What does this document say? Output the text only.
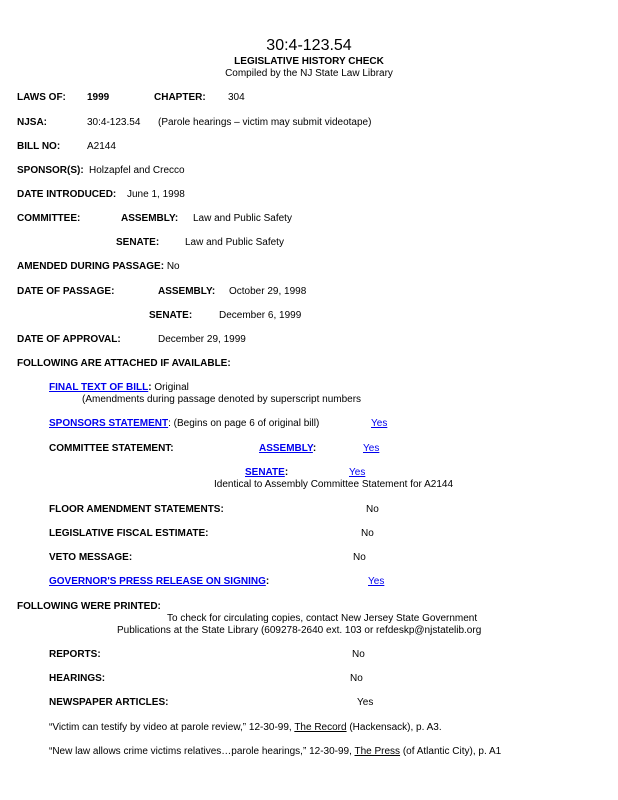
30:4-123.54
LEGISLATIVE HISTORY CHECK
Compiled by the NJ State Law Library
LAWS OF: 1999	CHAPTER: 304
NJSA:	30:4-123.54 (Parole hearings – victim may submit videotape)
BILL NO:	A2144
SPONSOR(S): Holzapfel and Crecco
DATE INTRODUCED: June 1, 1998
COMMITTEE:	ASSEMBLY: Law and Public Safety
SENATE:	Law and Public Safety
AMENDED DURING PASSAGE: No
DATE OF PASSAGE:	ASSEMBLY: October 29, 1998
SENATE:	December 6, 1999
DATE OF APPROVAL:	December 29, 1999
FOLLOWING ARE ATTACHED IF AVAILABLE:
FINAL TEXT OF BILL: Original
(Amendments during passage denoted by superscript numbers
SPONSORS STATEMENT: (Begins on page 6 of original bill)	Yes
COMMITTEE STATEMENT:	ASSEMBLY:	Yes
SENATE:	Yes
Identical to Assembly Committee Statement for A2144
FLOOR AMENDMENT STATEMENTS:	No
LEGISLATIVE FISCAL ESTIMATE:	No
VETO MESSAGE:	No
GOVERNOR'S PRESS RELEASE ON SIGNING:	Yes
FOLLOWING WERE PRINTED:
To check for circulating copies, contact New Jersey State Government
Publications at the State Library (609278-2640 ext. 103 or refdeskp@njstatelib.org
REPORTS:	No
HEARINGS:	No
NEWSPAPER ARTICLES:	Yes
“Victim can testify by video at parole review,” 12-30-99, The Record (Hackensack), p. A3.
“New law allows crime victims relatives…parole hearings,” 12-30-99, The Press (of Atlantic City), p. A1
